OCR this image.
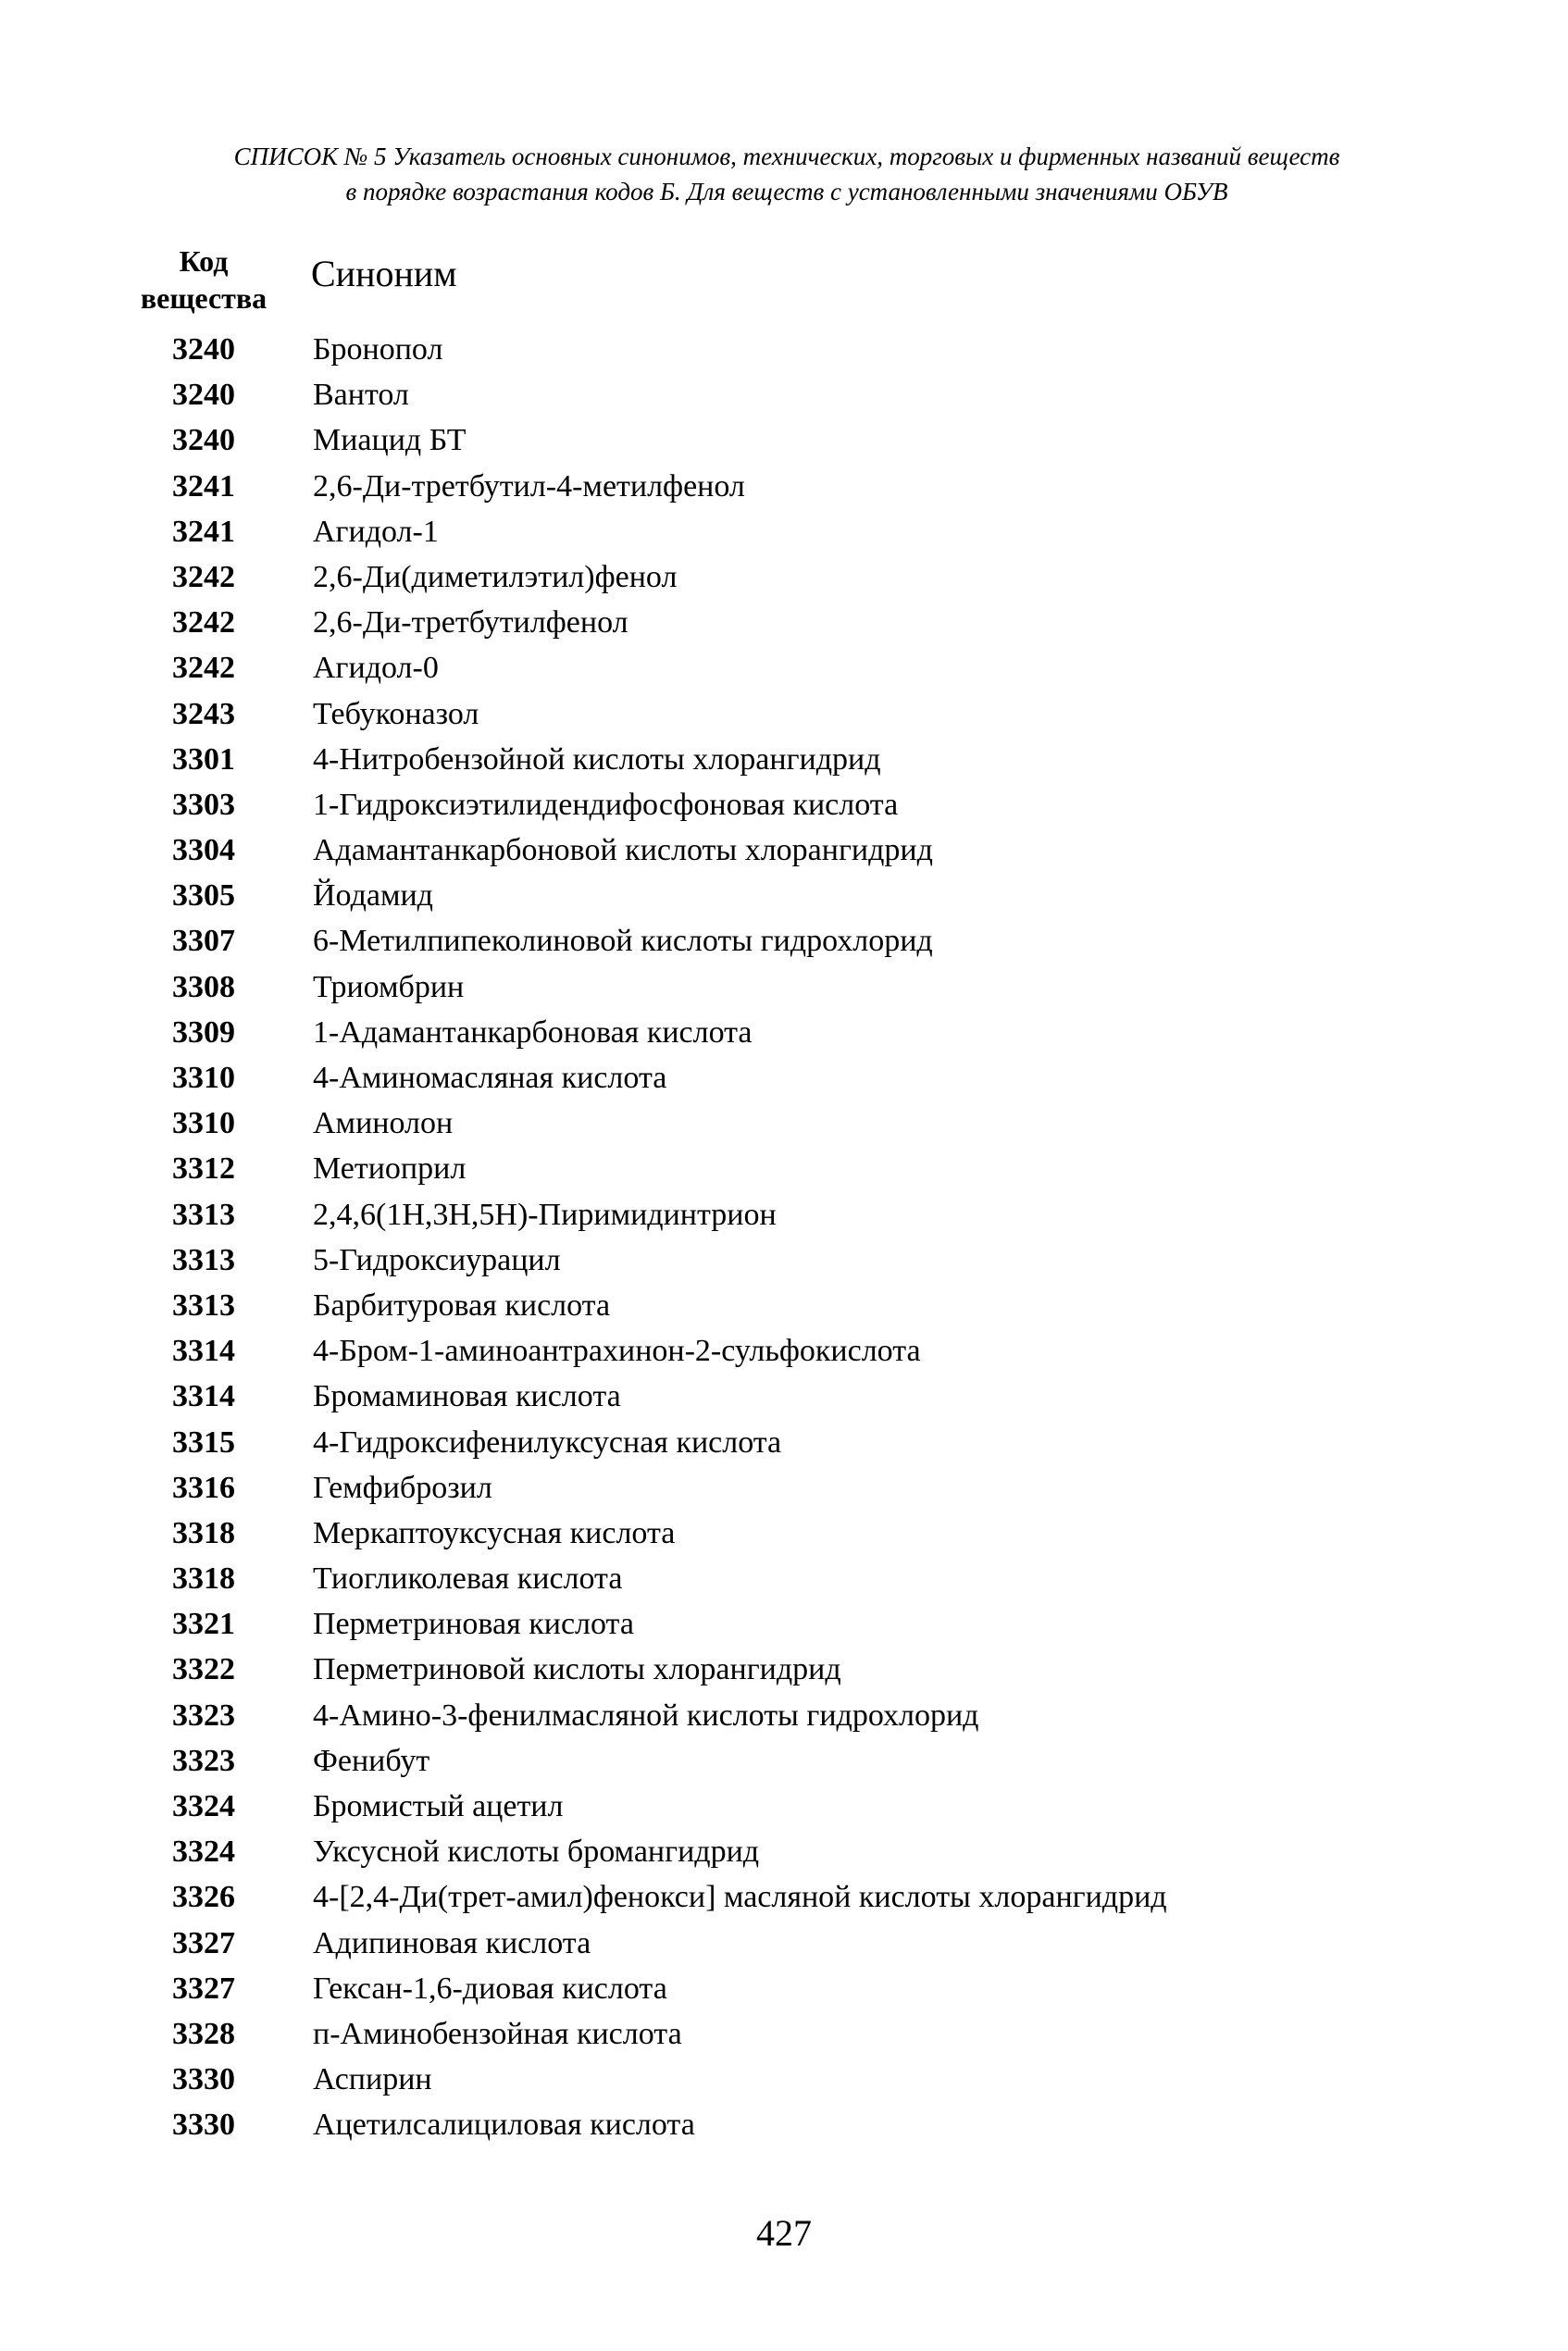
СПИСОК № 5 Указатель основных синонимов, технических, торговых и фирменных названий веществ
в порядке возрастания кодов Б. Для веществ с установленными значениями ОБУВ
Код
вещества
Синоним
3240	Бронопол
3240	Вантол
3240	Миацид БТ
3241	2,6-Ди-третбутил-4-метилфенол
3241	Агидол-1
3242	2,6-Ди(диметилэтил)фенол
3242	2,6-Ди-третбутилфенол
3242	Агидол-0
3243	Тебуконазол
3301	4-Нитробензойной кислоты хлорангидрид
3303	1-Гидроксиэтилидендифосфоновая кислота
3304	Адамантанкарбоновой кислоты хлорангидрид
3305	Йодамид
3307	6-Метилпипеколиновой кислоты гидрохлорид
3308	Триомбрин
3309	1-Адамантанкарбоновая кислота
3310	4-Аминомасляная кислота
3310	Аминолон
3312	Метиоприл
3313	2,4,6(1Н,3Н,5Н)-Пиримидинтрион
3313	5-Гидроксиурацил
3313	Барбитуровая кислота
3314	4-Бром-1-аминоантрахинон-2-сульфокислота
3314	Бромаминовая кислота
3315	4-Гидроксифенилуксусная кислота
3316	Гемфиброзил
3318	Меркаптоуксусная кислота
3318	Тиогликолевая кислота
3321	Перметриновая кислота
3322	Перметриновой кислоты хлорангидрид
3323	4-Амино-3-фенилмасляной кислоты гидрохлорид
3323	Фенибут
3324	Бромистый ацетил
3324	Уксусной кислоты бромангидрид
3326	4-[2,4-Ди(трет-амил)фенокси] масляной кислоты хлорангидрид
3327	Адипиновая кислота
3327	Гексан-1,6-диовая кислота
3328	п-Аминобензойная кислота
3330	Аспирин
3330	Ацетилсалициловая кислота
427
